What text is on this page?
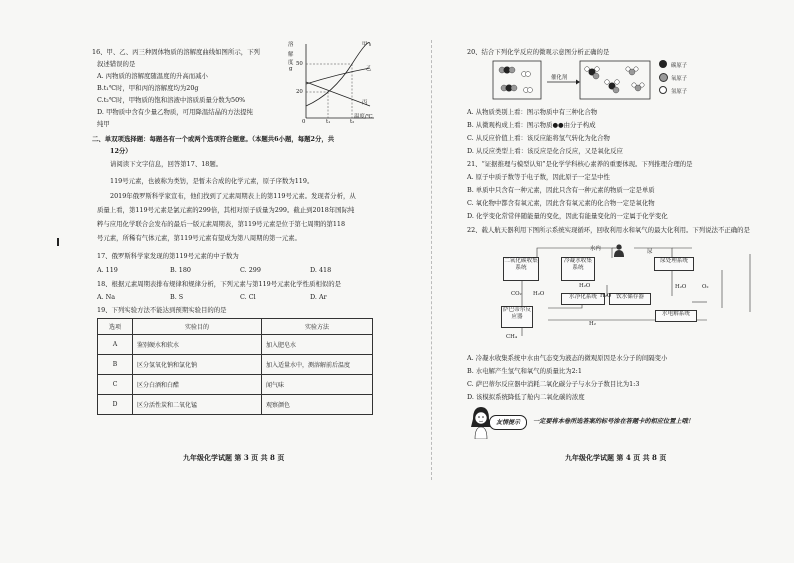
16、甲、乙、丙三种固体物质的溶解度曲线如图所示，下列
叙述错误的是
A. 丙物质的溶解度随温度的升高而减小
B.t₁℃时，甲和丙的溶解度均为20g
C.t₂℃时，甲物质的饱和溶液中溶质质量分数为50%
D. 甲物质中含有少量乙物质，可用降温结晶的方法提纯
纯甲
溶
解
度
g
50
20
0	t₁	t₂
温度/℃
甲
乙
丙
二、单双项选择题：每题各有一个或两个选项符合题意。（本题共6小题，每题2分，共
12分）
请阅读下文字信息，回答第17、18题。
119号元素，也被称为类钫，是暂未合成的化学元素，原子序数为119。
2019年俄罗斯科学家宣布，他们找到了元素周期表上的第119号元素。发现者分析，从
质量上看，第119号元素是氯元素的299倍，其相对原子质量为299。截止到2018年国际纯
粹与应用化学联合会发布的最后一版元素周期表，第119号元素是位于第七周期的第118
号元素，所稀有气体元素，第119号元素有望成为第八周期的第一元素。
17、俄罗斯科学家发现的第119号元素的中子数为
A. 119	B. 180	C. 299	D. 418
18、根据元素周期表排布规律和规律分析，下列元素与第119号元素化学性质相似的是
A. Na	B. S	C. Cl	D. Ar
19、下列实验方法不能达到预期实验目的的是
选项	实验目的	实验方法
A	鉴别硬水和软水	加入肥皂水
B	区分氢氧化钠和氯化钠	加入适量水中，测溶解前后温度
C	区分白酒和白醋	闻气味
D	区分活性炭和二氧化锰	观察颜色
九年级化学试题 第 3 页 共 8 页
20、结合下列化学反应的微观示意图分析正确的是
催化剂
碳原子
氧原子
氢原子
A. 从物质类别上看：图示物质中有三种化合物
B. 从微观构成上看：图示物质●●由分子构成
C. 从反应价值上看：该反应能将氢气转化为化合物
D. 从反应类型上看：该反应是化合反应，又是氧化反应
21、“证据推理与模型认知”是化学学科核心素养的重要体现。下列推理合理的是
A. 原子中质子数等于电子数，因此原子一定呈中性
B. 单质中只含有一种元素，因此只含有一种元素的物质一定是单质
C. 氧化物中都含有氧元素，因此含有氧元素的化合物一定是氧化物
D. 化学变化常常伴随能量的变化，因此有能量变化的一定属于化学变化
22、载人航天器利用下图所示系统实现循环，回收利用水和氧气的最大化利用。下列说法不正确的是
水内	尿
二氧化碳收集系统
冷凝水收集系统
尿处理系统
水净化系统	饮水储存器
萨巴蒂尔反应器	水电解系统
CO₂ H₂O
H₂O
H₂O
H₂O	O₂
H₂
CH₄
A. 冷凝水收集系统中水由气态变为液态的微观原因是水分子的间隔变小
B. 水电解产生氢气和氧气的质量比为2:1
C. 萨巴蒂尔反应器中消耗二氧化碳分子与水分子数目比为1:3
D. 该模拟系统降低了舱内二氧化碳的浓度
友情提示	一定要将本卷所选答案的标号涂在答题卡的相应位置上哦！
九年级化学试题 第 4 页 共 8 页
